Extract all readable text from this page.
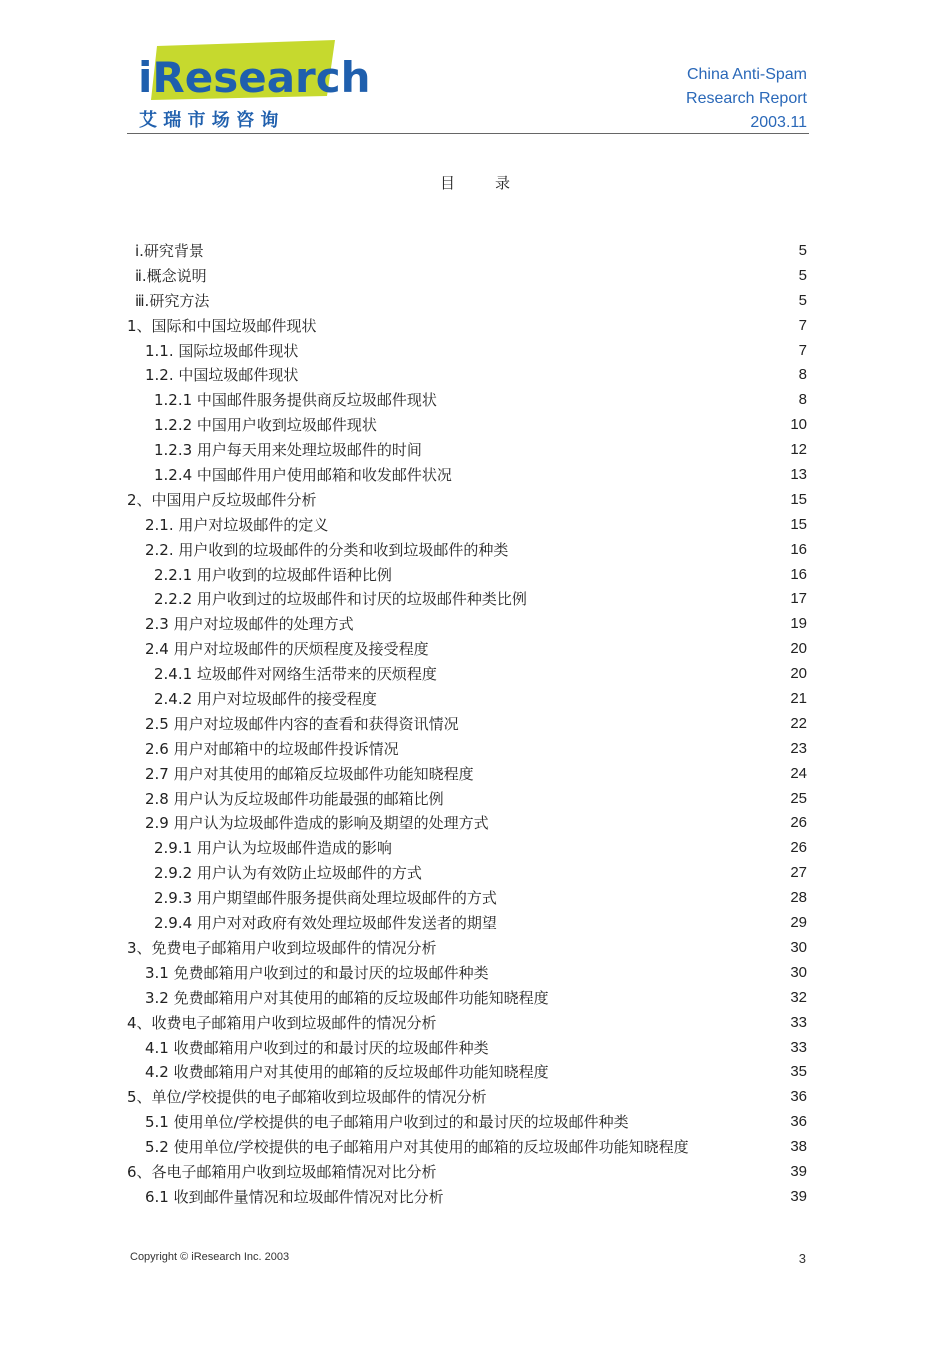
iResearch
艾 瑞 市 场 咨 询
China Anti-Spam
Research Report
2003.11
目录
ⅰ.研究背景	5
ⅱ.概念说明	5
ⅲ.研究方法	5
1、国际和中国垃圾邮件现状	7
1.1. 国际垃圾邮件现状	7
1.2. 中国垃圾邮件现状	8
1.2.1 中国邮件服务提供商反垃圾邮件现状	8
1.2.2 中国用户收到垃圾邮件现状	10
1.2.3 用户每天用来处理垃圾邮件的时间	12
1.2.4 中国邮件用户使用邮箱和收发邮件状况	13
2、中国用户反垃圾邮件分析	15
2.1. 用户对垃圾邮件的定义	15
2.2. 用户收到的垃圾邮件的分类和收到垃圾邮件的种类	16
2.2.1 用户收到的垃圾邮件语种比例	16
2.2.2 用户收到过的垃圾邮件和讨厌的垃圾邮件种类比例	17
2.3 用户对垃圾邮件的处理方式	19
2.4 用户对垃圾邮件的厌烦程度及接受程度	20
2.4.1 垃圾邮件对网络生活带来的厌烦程度	20
2.4.2 用户对垃圾邮件的接受程度	21
2.5 用户对垃圾邮件内容的查看和获得资讯情况	22
2.6 用户对邮箱中的垃圾邮件投诉情况	23
2.7 用户对其使用的邮箱反垃圾邮件功能知晓程度	24
2.8 用户认为反垃圾邮件功能最强的邮箱比例	25
2.9 用户认为垃圾邮件造成的影响及期望的处理方式	26
2.9.1 用户认为垃圾邮件造成的影响	26
2.9.2 用户认为有效防止垃圾邮件的方式	27
2.9.3 用户期望邮件服务提供商处理垃圾邮件的方式	28
2.9.4 用户对对政府有效处理垃圾邮件发送者的期望	29
3、免费电子邮箱用户收到垃圾邮件的情况分析	30
3.1 免费邮箱用户收到过的和最讨厌的垃圾邮件种类	30
3.2 免费邮箱用户对其使用的邮箱的反垃圾邮件功能知晓程度	32
4、收费电子邮箱用户收到垃圾邮件的情况分析	33
4.1 收费邮箱用户收到过的和最讨厌的垃圾邮件种类	33
4.2 收费邮箱用户对其使用的邮箱的反垃圾邮件功能知晓程度	35
5、单位/学校提供的电子邮箱收到垃圾邮件的情况分析	36
5.1 使用单位/学校提供的电子邮箱用户收到过的和最讨厌的垃圾邮件种类	36
5.2 使用单位/学校提供的电子邮箱用户对其使用的邮箱的反垃圾邮件功能知晓程度	38
6、各电子邮箱用户收到垃圾邮箱情况对比分析	39
6.1 收到邮件量情况和垃圾邮件情况对比分析	39
Copyright © iResearch Inc. 2003	3
